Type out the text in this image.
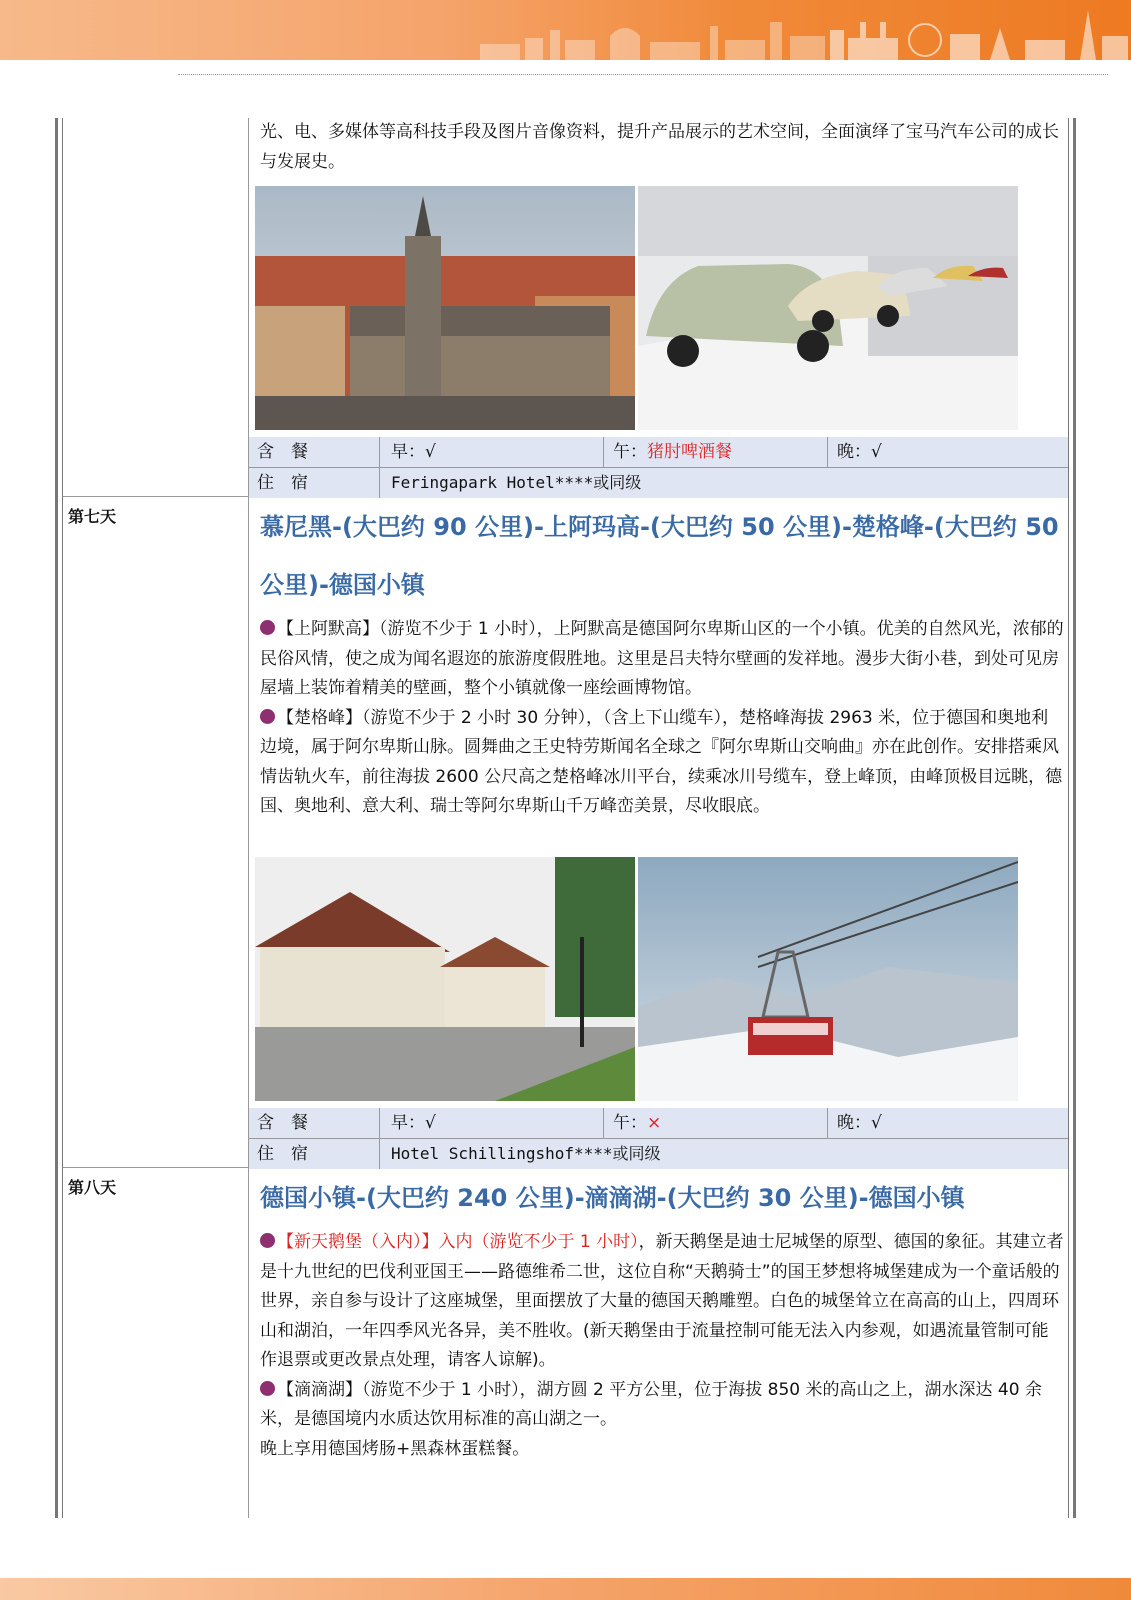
光、电、多媒体等高科技手段及图片音像资料，提升产品展示的艺术空间，全面演绎了宝马汽车公司的成长与发展史。

含　餐	早：√	午：猪肘啤酒餐	晚：√
住　宿	Feringapark Hotel****或同级
第七天	慕尼黑-(大巴约 90 公里)-上阿玛高-(大巴约 50 公里)-楚格峰-(大巴约 50 公里)-德国小镇

【上阿默高】（游览不少于 1 小时），上阿默高是德国阿尔卑斯山区的一个小镇。优美的自然风光，浓郁的民俗风情，使之成为闻名遐迩的旅游度假胜地。这里是吕夫特尔壁画的发祥地。漫步大街小巷，到处可见房屋墙上装饰着精美的壁画，整个小镇就像一座绘画博物馆。
【楚格峰】（游览不少于 2 小时 30 分钟），（含上下山缆车），楚格峰海拔 2963 米，位于德国和奥地利边境，属于阿尔卑斯山脉。圆舞曲之王史特劳斯闻名全球之『阿尔卑斯山交响曲』亦在此创作。安排搭乘风情齿轨火车，前往海拔 2600 公尺高之楚格峰冰川平台，续乘冰川号缆车，登上峰顶，由峰顶极目远眺，德国、奥地利、意大利、瑞士等阿尔卑斯山千万峰峦美景，尽收眼底。

含　餐	早：√	午：×	晚：√
住　宿	Hotel Schillingshof****或同级
第八天	德国小镇-(大巴约 240 公里)-滴滴湖-(大巴约 30 公里)-德国小镇

【新天鹅堡（入内）】入内（游览不少于 1 小时），新天鹅堡是迪士尼城堡的原型、德国的象征。其建立者是十九世纪的巴伐利亚国王——路德维希二世，这位自称“天鹅骑士”的国王梦想将城堡建成为一个童话般的世界，亲自参与设计了这座城堡，里面摆放了大量的德国天鹅雕塑。白色的城堡耸立在高高的山上，四周环山和湖泊，一年四季风光各异，美不胜收。(新天鹅堡由于流量控制可能无法入内参观，如遇流量管制可能作退票或更改景点处理，请客人谅解)。
【滴滴湖】（游览不少于 1 小时），湖方圆 2 平方公里，位于海拔 850 米的高山之上，湖水深达 40 余米，是德国境内水质达饮用标准的高山湖之一。
晚上享用德国烤肠+黑森林蛋糕餐。
